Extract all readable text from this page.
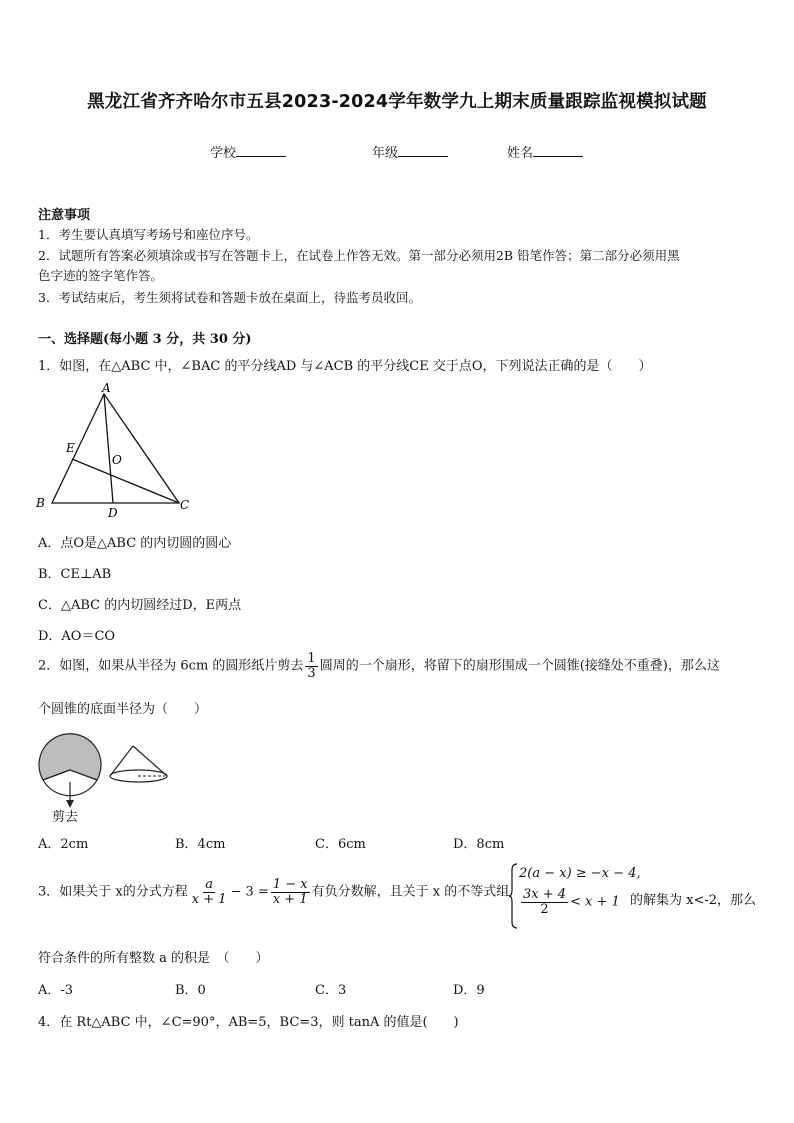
黑龙江省齐齐哈尔市五县2023-2024学年数学九上期末质量跟踪监视模拟试题
学校	年级	姓名
注意事项
1．考生要认真填写考场号和座位序号。
2．试题所有答案必须填涂或书写在答题卡上，在试卷上作答无效。第一部分必须用2B 铅笔作答；第二部分必须用黑
色字迹的签字笔作答。
3．考试结束后，考生须将试卷和答题卡放在桌面上，待监考员收回。
一、选择题(每小题 3 分，共 30 分)
1．如图，在△ABC 中，∠BAC 的平分线AD 与∠ACB 的平分线CE 交于点O，下列说法正确的是（　　）
A
B	C
D
E
O
A．点O是△ABC 的内切圆的圆心
B．CE⊥AB
C．△ABC 的内切圆经过D，E两点
D．AO＝CO
2．如图，如果从半径为 6cm 的圆形纸片剪去 $\frac{1}{3}$ 圆周的一个扇形，将留下的扇形围成一个圆锥(接缝处不重叠)，那么这
个圆锥的底面半径为（　　）
剪去
A．2cm	B．4cm	C．6cm	D．8cm
3．如果关于 x的分式方程 $\frac{a}{x + 1} - 3 = \frac{1 - x}{x + 1}$ 有负分数解，且关于 x 的不等式组
2(a − x) ≥ −x − 4,
$\frac{3x + 4}{2} < x + 1$ 的解集为 x<-2，那么
符合条件的所有整数 a 的积是　（　　）
A．-3	B．0	C．3	D．9
4．在 Rt△ABC 中，∠C=90°，AB=5，BC=3，则 tanA 的值是(　　)
